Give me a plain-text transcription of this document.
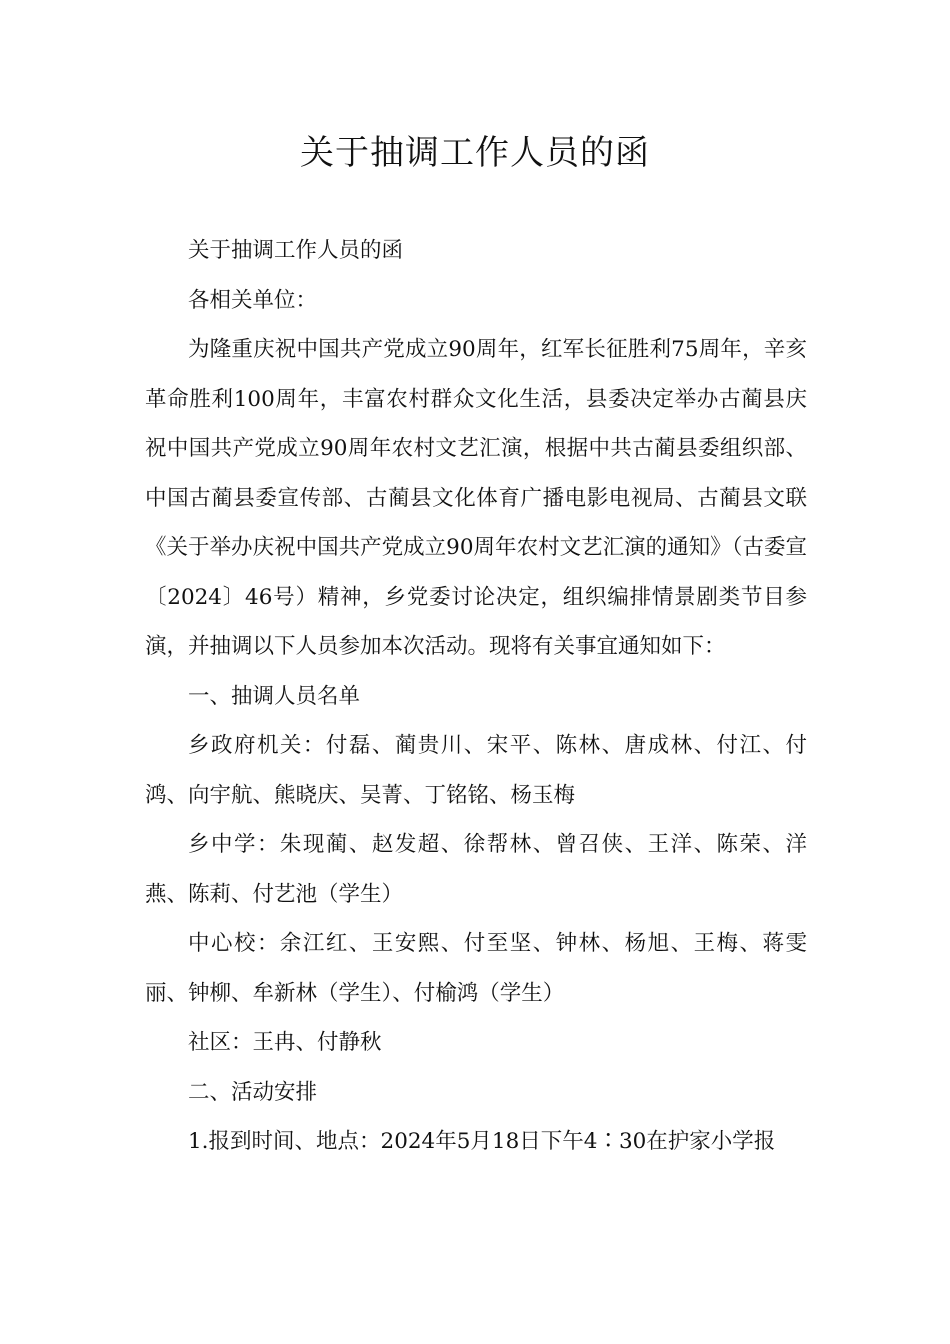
关于抽调工作人员的函

关于抽调工作人员的函

各相关单位：

为隆重庆祝中国共产党成立90周年，红军长征胜利75周年，辛亥革命胜利100周年，丰富农村群众文化生活，县委决定举办古蔺县庆祝中国共产党成立90周年农村文艺汇演，根据中共古蔺县委组织部、中国古蔺县委宣传部、古蔺县文化体育广播电影电视局、古蔺县文联《关于举办庆祝中国共产党成立90周年农村文艺汇演的通知》（古委宣〔2024〕46号）精神，乡党委讨论决定，组织编排情景剧类节目参演，并抽调以下人员参加本次活动。现将有关事宜通知如下：

一、抽调人员名单

乡政府机关：付磊、蔺贵川、宋平、陈林、唐成林、付江、付鸿、向宇航、熊晓庆、吴菁、丁铭铭、杨玉梅

乡中学：朱现蔺、赵发超、徐帮林、曾召侠、王洋、陈荣、洋燕、陈莉、付艺池（学生）

中心校：余江红、王安熙、付至坚、钟林、杨旭、王梅、蒋雯丽、钟柳、牟新林（学生）、付榆鸿（学生）

社区：王冉、付静秋

二、活动安排

1.报到时间、地点：2024年5月18日下午4∶30在护家小学报
